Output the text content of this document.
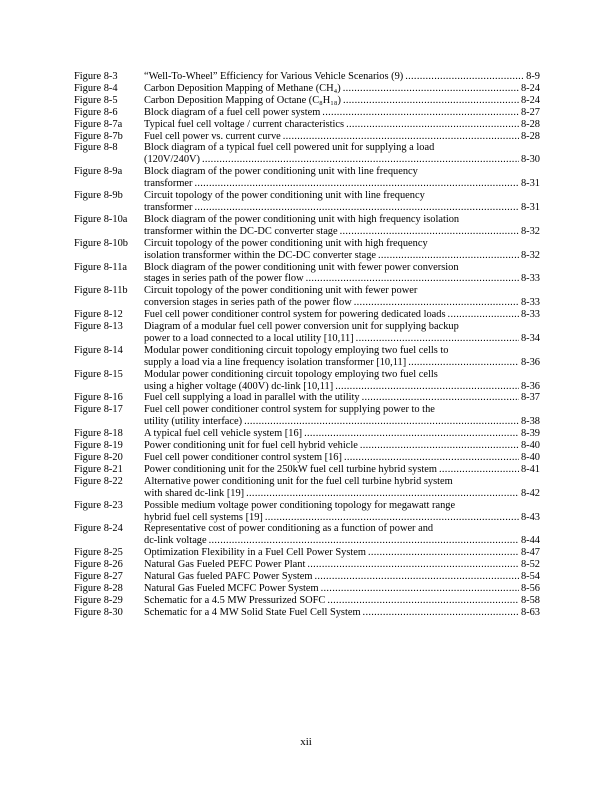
Figure 8-3	“Well-To-Wheel” Efficiency for Various Vehicle Scenarios (9) . . .	8-9
Figure 8-4	Carbon Deposition Mapping of Methane (CH₄) . . .	8-24
Figure 8-5	Carbon Deposition Mapping of Octane (C₈H₁₈) . . .	8-24
Figure 8-6	Block diagram of a fuel cell power system . . .	8-27
Figure 8-7a	Typical fuel cell voltage / current characteristics . . .	8-28
Figure 8-7b	Fuel cell power vs. current curve . . .	8-28
Figure 8-8	Block diagram of a typical fuel cell powered unit for supplying a load
(120V/240V) . . .	8-30
Figure 8-9a	Block diagram of the power conditioning unit with line frequency
transformer . . .	8-31
Figure 8-9b	Circuit topology of the power conditioning unit with line frequency
transformer . . .	8-31
Figure 8-10a	Block diagram of the power conditioning unit with high frequency isolation
transformer within the DC-DC converter stage . . .	8-32
Figure 8-10b	Circuit topology of the power conditioning unit with high frequency
isolation transformer within the DC-DC converter stage . . .	8-32
Figure 8-11a	Block diagram of the power conditioning unit with fewer power conversion
stages in series path of the power flow . . .	8-33
Figure 8-11b	Circuit topology of the power conditioning unit with fewer power
conversion stages in series path of the power flow . . .	8-33
Figure 8-12	Fuel cell power conditioner control system for powering dedicated loads . . .	8-33
Figure 8-13	Diagram of a modular fuel cell power conversion unit for supplying backup
power to a load connected to a local utility [10,11] . . .	8-34
Figure 8-14	Modular power conditioning circuit topology employing two fuel cells to
supply a load via a line frequency isolation transformer [10,11] . . .	8-36
Figure 8-15	Modular power conditioning circuit topology employing two fuel cells
using a higher voltage (400V) dc-link [10,11] . . .	8-36
Figure 8-16	Fuel cell supplying a load in parallel with the utility . . .	8-37
Figure 8-17	Fuel cell power conditioner control system for supplying power to the
utility (utility interface) . . .	8-38
Figure 8-18	A typical fuel cell vehicle system [16] . . .	8-39
Figure 8-19	Power conditioning unit for fuel cell hybrid vehicle . . .	8-40
Figure 8-20	Fuel cell power conditioner control system [16] . . .	8-40
Figure 8-21	Power conditioning unit for the 250kW fuel cell turbine hybrid system . . .	8-41
Figure 8-22	Alternative power conditioning unit for the fuel cell turbine hybrid system
with shared dc-link [19] . . .	8-42
Figure 8-23	Possible medium voltage power conditioning topology for megawatt range
hybrid fuel cell systems [19] . . .	8-43
Figure 8-24	Representative cost of power conditioning as a function of power and
dc-link voltage . . .	8-44
Figure 8-25	Optimization Flexibility in a Fuel Cell Power System . . .	8-47
Figure 8-26	Natural Gas Fueled PEFC Power Plant . . .	8-52
Figure 8-27	Natural Gas fueled PAFC Power System . . .	8-54
Figure 8-28	Natural Gas Fueled MCFC Power System . . .	8-56
Figure 8-29	Schematic for a 4.5 MW Pressurized SOFC . . .	8-58
Figure 8-30	Schematic for a 4 MW Solid State Fuel Cell System . . .	8-63
xii
